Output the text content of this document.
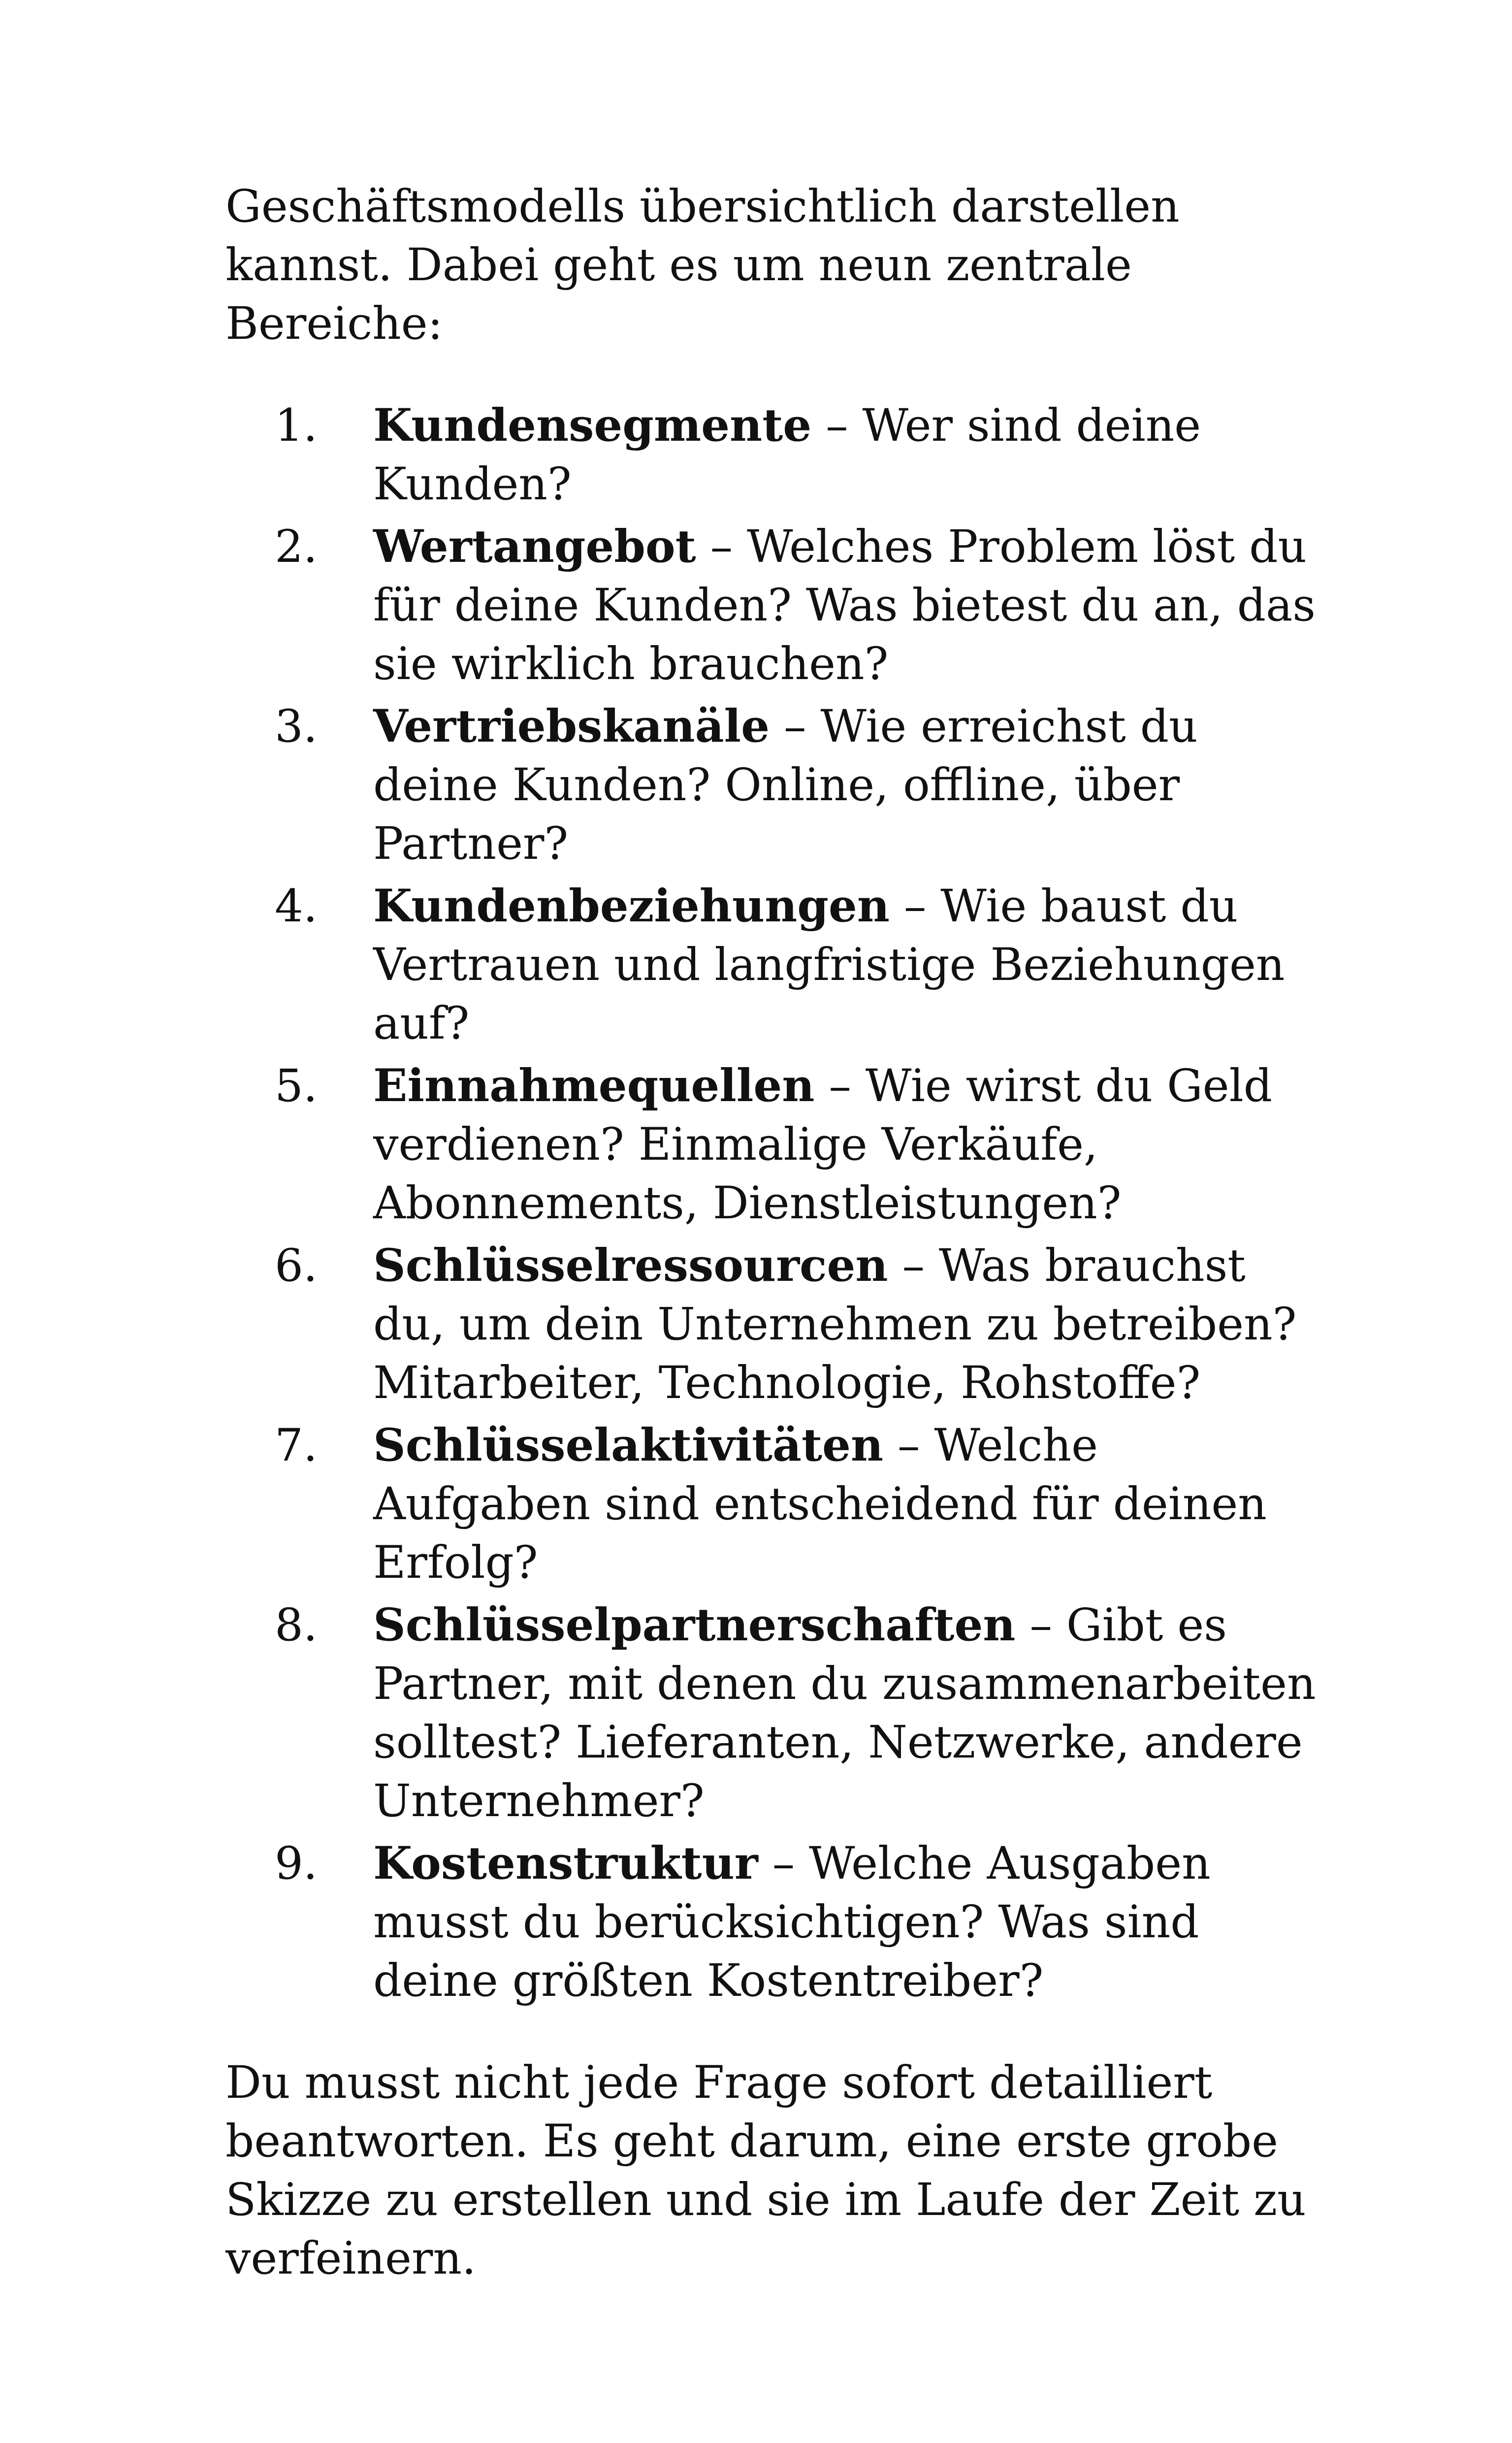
Geschäftsmodells übersichtlich darstellen kannst. Dabei geht es um neun zentrale Bereiche:

1.	Kundensegmente – Wer sind deine Kunden?
2.	Wertangebot – Welches Problem löst du für deine Kunden? Was bietest du an, das sie wirklich brauchen?
3.	Vertriebskanäle – Wie erreichst du deine Kunden? Online, offline, über Partner?
4.	Kundenbeziehungen – Wie baust du Vertrauen und langfristige Beziehungen auf?
5.	Einnahmequellen – Wie wirst du Geld verdienen? Einmalige Verkäufe, Abonnements, Dienstleistungen?
6.	Schlüsselressourcen – Was brauchst du, um dein Unternehmen zu betreiben? Mitarbeiter, Technologie, Rohstoffe?
7.	Schlüsselaktivitäten – Welche Aufgaben sind entscheidend für deinen Erfolg?
8.	Schlüsselpartnerschaften – Gibt es Partner, mit denen du zusammenarbeiten solltest? Lieferanten, Netzwerke, andere Unternehmer?
9.	Kostenstruktur – Welche Ausgaben musst du berücksichtigen? Was sind deine größten Kostentreiber?

Du musst nicht jede Frage sofort detailliert beantworten. Es geht darum, eine erste grobe Skizze zu erstellen und sie im Laufe der Zeit zu verfeinern.
